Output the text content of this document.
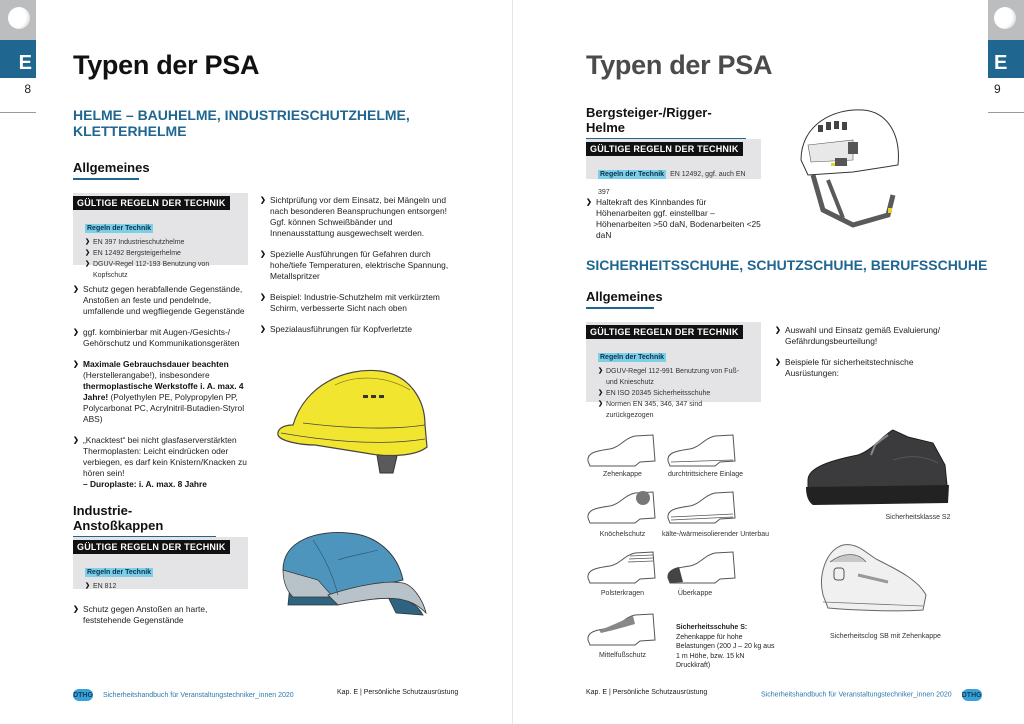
E
8
Typen der PSA
HELME – BAUHELME, INDUSTRIESCHUTZHELME,
KLETTERHELME
Allgemeines
GÜLTIGE REGELN DER TECHNIK
Regeln der Technik
❯ EN 397 Industrieschutzhelme
❯ EN 12492 Bergsteigerhelme
❯ DGUV-Regel 112-193 Benutzung von Kopfschutz
❯ Schutz gegen herabfallende Gegenstände, Anstoßen an feste und pendelnde, umfallende und wegfliegende Gegenstände
❯ ggf. kombinierbar mit Augen-/Gesichts-/ Gehörschutz und Kommunikationsgeräten
❯ Maximale Gebrauchsdauer beachten (Herstellerangabe!), insbesondere thermoplastische Werkstoffe i. A. max. 4 Jahre! (Polyethylen PE, Polypropylen PP, Polycarbonat PC, Acrylnitril-Butadien-Styrol ABS)
❯ „Knacktest“ bei nicht glasfaserverstärkten Thermoplasten: Leicht eindrücken oder verbiegen, es darf kein Knistern/Knacken zu hören sein!
– Duroplaste: i. A. max. 8 Jahre
❯ Sichtprüfung vor dem Einsatz, bei Mängeln und nach besonderen Beanspruchungen entsorgen! Ggf. können Schweißbänder und Innenausstattung ausgewechselt werden.
❯ Spezielle Ausführungen für Gefahren durch hohe/tiefe Temperaturen, elektrische Spannung, Metallspritzer
❯ Beispiel: Industrie-Schutzhelm mit verkürztem Schirm, verbesserte Sicht nach oben
❯ Spezialausführungen für Kopfverletzte
Industrie-Anstoßkappen
GÜLTIGE REGELN DER TECHNIK
Regeln der Technik
❯ EN 812
❯ Schutz gegen Anstoßen an harte, feststehende Gegenstände
DTHG Sicherheitshandbuch für Veranstaltungstechniker_innen 2020	Kap. E | Persönliche Schutzausrüstung
E
9
Typen der PSA
Bergsteiger-/Rigger-Helme
GÜLTIGE REGELN DER TECHNIK
Regeln der Technik EN 12492, ggf. auch EN 397
❯ Haltekraft des Kinnbandes für Höhenarbeiten ggf. einstellbar – Höhenarbeiten >50 daN, Bodenarbeiten <25 daN
SICHERHEITSSCHUHE, SCHUTZSCHUHE, BERUFSSCHUHE
Allgemeines
GÜLTIGE REGELN DER TECHNIK
Regeln der Technik
❯ DGUV-Regel 112-991 Benutzung von Fuß- und Knieschutz
❯ EN ISO 20345 Sicherheitsschuhe
❯ Normen EN 345, 346, 347 sind zurückgezogen
❯ Auswahl und Einsatz gemäß Evaluierung/ Gefährdungsbeurteilung!
❯ Beispiele für sicherheitstechnische Ausrüstungen:
Zehenkappe	durchtrittsichere Einlage
Knöchelschutz	kälte-/wärmeisolierender Unterbau
Polsterkragen	Überkappe
Mittelfußschutz
Sicherheitsschuhe S: Zehenkappe für hohe Belastungen (200 J – 20 kg aus 1 m Höhe, bzw. 15 kN Druckkraft)
Sicherheitsklasse S2
Sicherheitsclog SB mit Zehenkappe
Kap. E | Persönliche Schutzausrüstung	Sicherheitshandbuch für Veranstaltungstechniker_innen 2020 DTHG
